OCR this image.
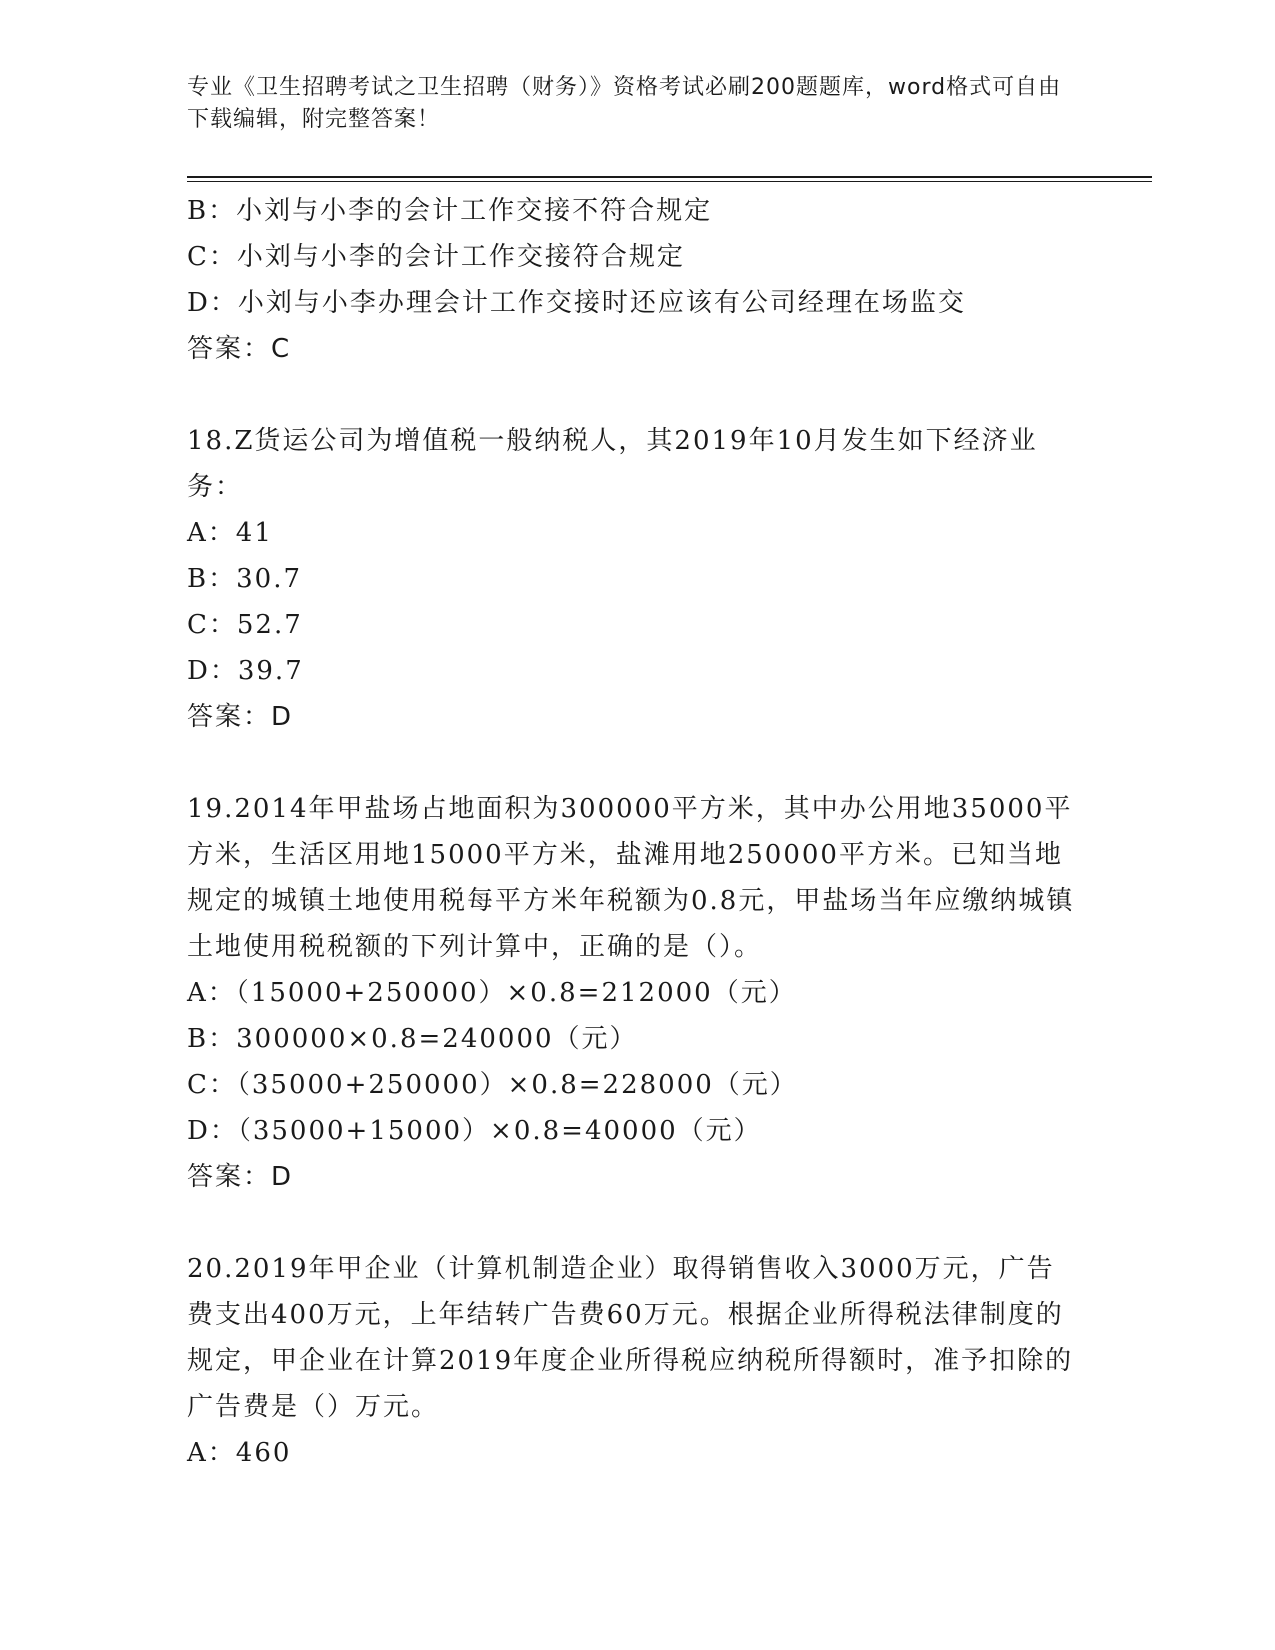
专业《卫生招聘考试之卫生招聘（财务）》资格考试必刷200题题库，word格式可自由下载编辑，附完整答案！
B：小刘与小李的会计工作交接不符合规定
C：小刘与小李的会计工作交接符合规定
D：小刘与小李办理会计工作交接时还应该有公司经理在场监交
答案：C
18.Z货运公司为增值税一般纳税人，其2019年10月发生如下经济业务：
A：41
B：30.7
C：52.7
D：39.7
答案：D
19.2014年甲盐场占地面积为300000平方米，其中办公用地35000平方米，生活区用地15000平方米，盐滩用地250000平方米。已知当地规定的城镇土地使用税每平方米年税额为0.8元，甲盐场当年应缴纳城镇土地使用税税额的下列计算中，正确的是（）。
A：（15000+250000）×0.8=212000（元）
B：300000×0.8=240000（元）
C：（35000+250000）×0.8=228000（元）
D：（35000+15000）×0.8=40000（元）
答案：D
20.2019年甲企业（计算机制造企业）取得销售收入3000万元，广告费支出400万元，上年结转广告费60万元。根据企业所得税法律制度的规定，甲企业在计算2019年度企业所得税应纳税所得额时，准予扣除的广告费是（）万元。
A：460
